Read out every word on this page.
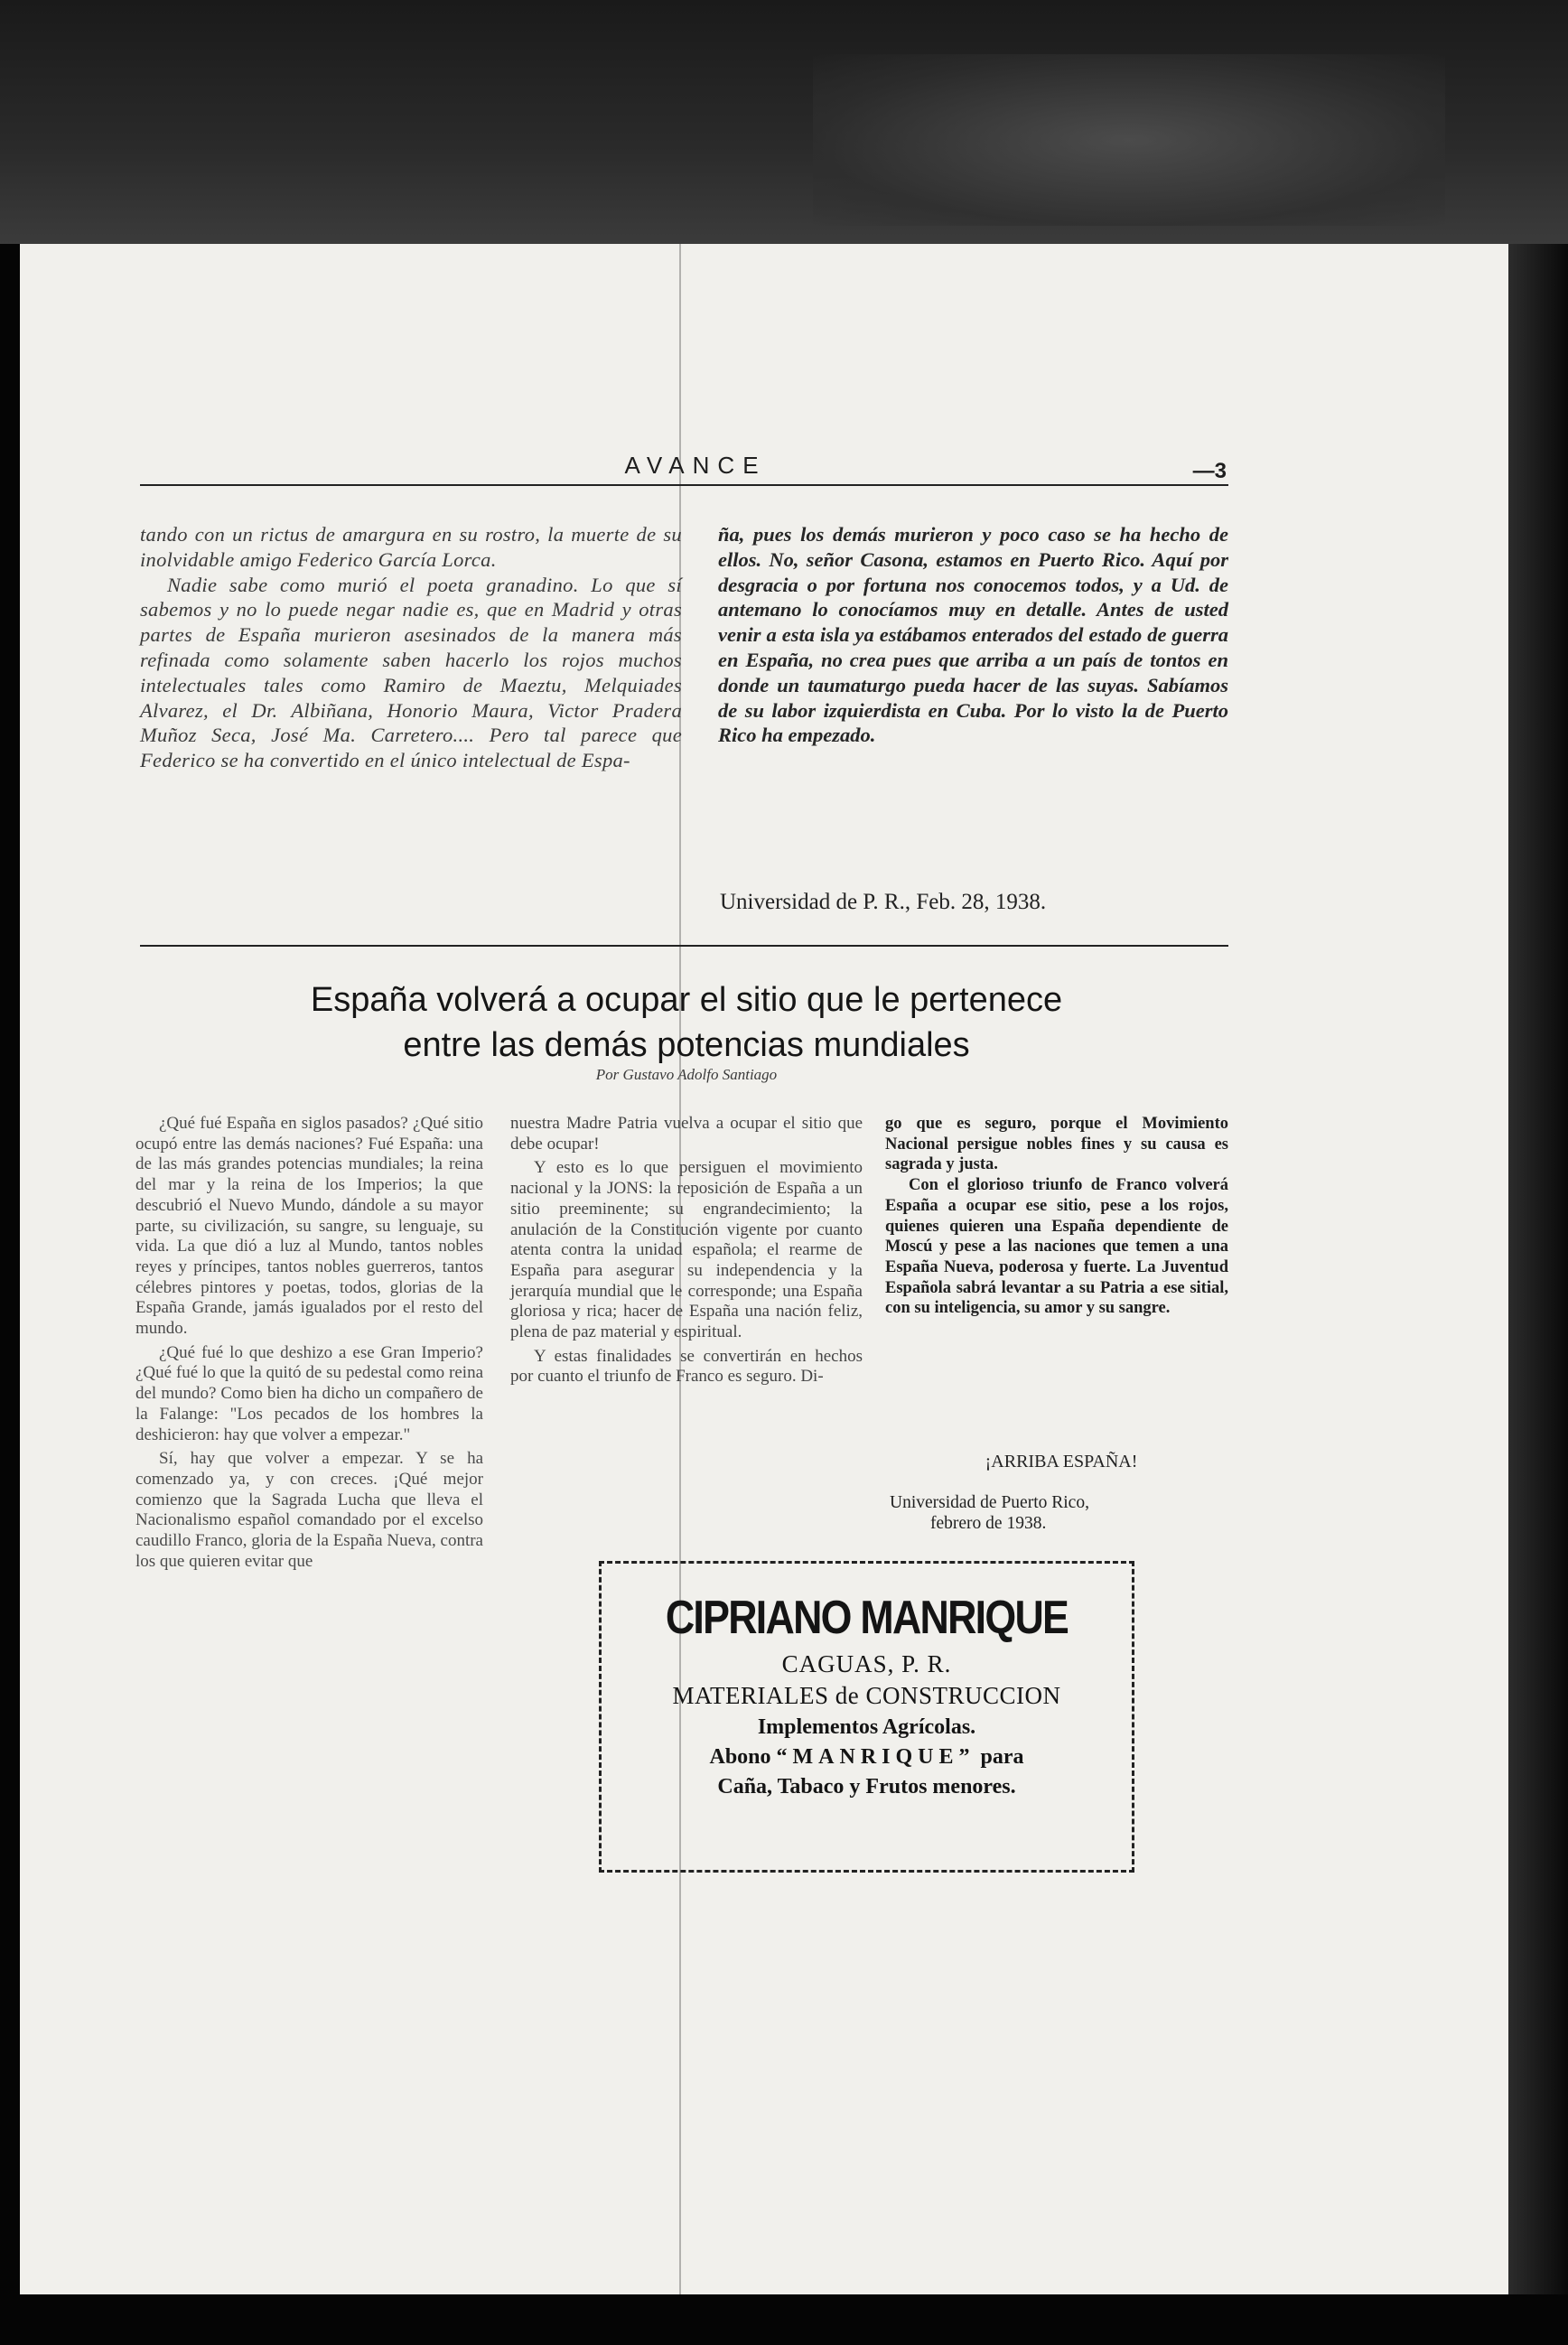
AVANCE	—3

tando con un rictus de amargura en su rostro, la muerte de su inolvidable amigo Federico García Lorca.

Nadie sabe como murió el poeta granadino. Lo que sí sabemos y no lo puede negar nadie es, que en Madrid y otras partes de España murieron asesinados de la manera más refinada como solamente saben hacerlo los rojos muchos intelectuales tales como Ramiro de Maeztu, Melquiades Alvarez, el Dr. Albiñana, Honorio Maura, Victor Pradera Muñoz Seca, José Ma. Carretero.... Pero tal parece que Federico se ha convertido en el único intelectual de Espa-

ña, pues los demás murieron y poco caso se ha hecho de ellos. No, señor Casona, estamos en Puerto Rico. Aquí por desgracia o por fortuna nos conocemos todos, y a Ud. de antemano lo conocíamos muy en detalle. Antes de usted venir a esta isla ya estábamos enterados del estado de guerra en España, no crea pues que arriba a un país de tontos en donde un taumaturgo pueda hacer de las suyas. Sabíamos de su labor izquierdista en Cuba. Por lo visto la de Puerto Rico ha empezado.

Universidad de P. R., Feb. 28, 1938.
España volverá a ocupar el sitio que le pertenece
entre las demás potencias mundiales
Por Gustavo Adolfo Santiago

¿Qué fué España en siglos pasados? ¿Qué sitio ocupó entre las demás naciones? Fué España: una de las más grandes potencias mundiales; la reina del mar y la reina de los Imperios; la que descubrió el Nuevo Mundo, dándole a su mayor parte, su civilización, su sangre, su lenguaje, su vida. La que dió a luz al Mundo, tantos nobles reyes y príncipes, tantos nobles guerreros, tantos célebres pintores y poetas, todos, glorias de la España Grande, jamás igualados por el resto del mundo.

¿Qué fué lo que deshizo a ese Gran Imperio? ¿Qué fué lo que la quitó de su pedestal como reina del mundo? Como bien ha dicho un compañero de la Falange: "Los pecados de los hombres la deshicieron: hay que volver a empezar."

Sí, hay que volver a empezar. Y se ha comenzado ya, y con creces. ¡Qué mejor comienzo que la Sagrada Lucha que lleva el Nacionalismo español comandado por el excelso caudillo Franco, gloria de la España Nueva, contra los que quieren evitar que

nuestra Madre Patria vuelva a ocupar el sitio que debe ocupar!

Y esto es lo que persiguen el movimiento nacional y la JONS: la reposición de España a un sitio preeminente; su engrandecimiento; la anulación de la Constitución vigente por cuanto atenta contra la unidad española; el rearme de España para asegurar su independencia y la jerarquía mundial que le corresponde; una España gloriosa y rica; hacer de España una nación feliz, plena de paz material y espiritual.

Y estas finalidades se convertirán en hechos por cuanto el triunfo de Franco es seguro. Di-

go que es seguro, porque el Movimiento Nacional persigue nobles fines y su causa es sagrada y justa.

Con el glorioso triunfo de Franco volverá España a ocupar ese sitio, pese a los rojos, quienes quieren una España dependiente de Moscú y pese a las naciones que temen a una España Nueva, poderosa y fuerte. La Juventud Española sabrá levantar a su Patria a ese sitial, con su inteligencia, su amor y su sangre.

¡ARRIBA ESPAÑA!
Universidad de Puerto Rico,
febrero de 1938.
CIPRIANO MANRIQUE
CAGUAS, P. R.
MATERIALES de CONSTRUCCION
Implementos Agrícolas.
Abono “MANRIQUE” para
Caña, Tabaco y Frutos menores.
